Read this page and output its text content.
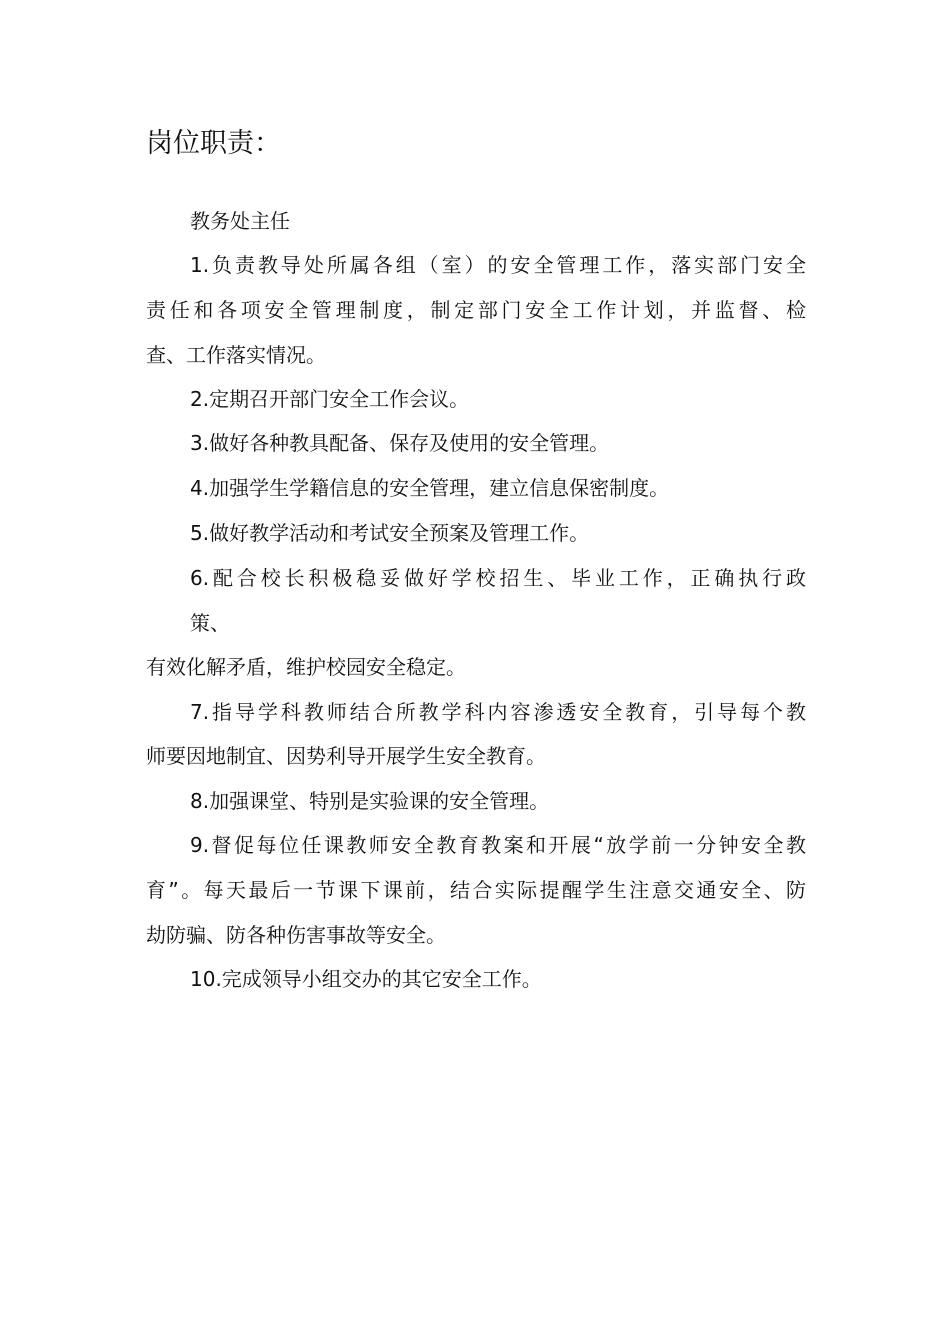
岗位职责：
教务处主任
1.负责教导处所属各组（室）的安全管理工作，落实部门安全
责任和各项安全管理制度，制定部门安全工作计划，并监督、检
查、工作落实情况。
2.定期召开部门安全工作会议。
3.做好各种教具配备、保存及使用的安全管理。
4.加强学生学籍信息的安全管理，建立信息保密制度。
5.做好教学活动和考试安全预案及管理工作。
6.配合校长积极稳妥做好学校招生、毕业工作，正确执行政
策、
有效化解矛盾，维护校园安全稳定。
7.指导学科教师结合所教学科内容渗透安全教育，引导每个教
师要因地制宜、因势利导开展学生安全教育。
8.加强课堂、特别是实验课的安全管理。
9.督促每位任课教师安全教育教案和开展“放学前一分钟安全教
育”。每天最后一节课下课前，结合实际提醒学生注意交通安全、防
劫防骗、防各种伤害事故等安全。
10.完成领导小组交办的其它安全工作。
